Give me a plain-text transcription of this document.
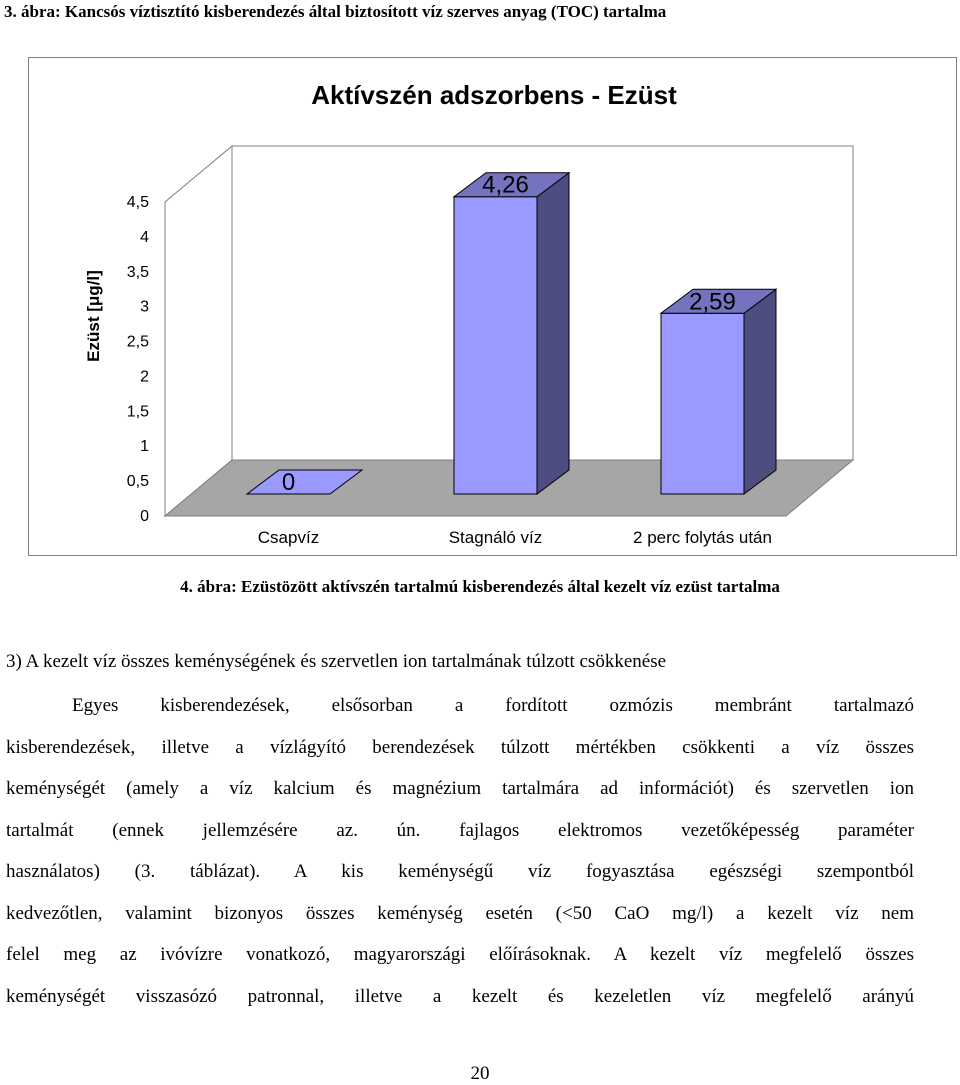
3. ábra: Kancsós víztisztító kisberendezés által biztosított víz szerves anyag (TOC) tartalma
Aktívszén adszorbens - Ezüst
0
0,5
1
1,5
2
2,5
3
3,5
4
4,5
Ezüst [μg/l]
0
Csapvíz
4,26
Stagnáló víz
2,59
2 perc folytás után
4. ábra: Ezüstözött aktívszén tartalmú kisberendezés által kezelt víz ezüst tartalma
3) A kezelt víz összes keménységének és szervetlen ion tartalmának túlzott csökkenése
Egyes kisberendezések, elsősorban a fordított ozmózis membránt tartalmazó
kisberendezések, illetve a vízlágyító berendezések túlzott mértékben csökkenti a víz összes
keménységét (amely a víz kalcium és magnézium tartalmára ad információt) és szervetlen ion
tartalmát (ennek jellemzésére az. ún. fajlagos elektromos vezetőképesség paraméter
használatos) (3. táblázat). A kis keménységű víz fogyasztása egészségi szempontból
kedvezőtlen, valamint bizonyos összes keménység esetén (<50 CaO mg/l) a kezelt víz nem
felel meg az ivóvízre vonatkozó, magyarországi előírásoknak. A kezelt víz megfelelő összes
keménységét visszasózó patronnal, illetve a kezelt és kezeletlen víz megfelelő arányú
20
